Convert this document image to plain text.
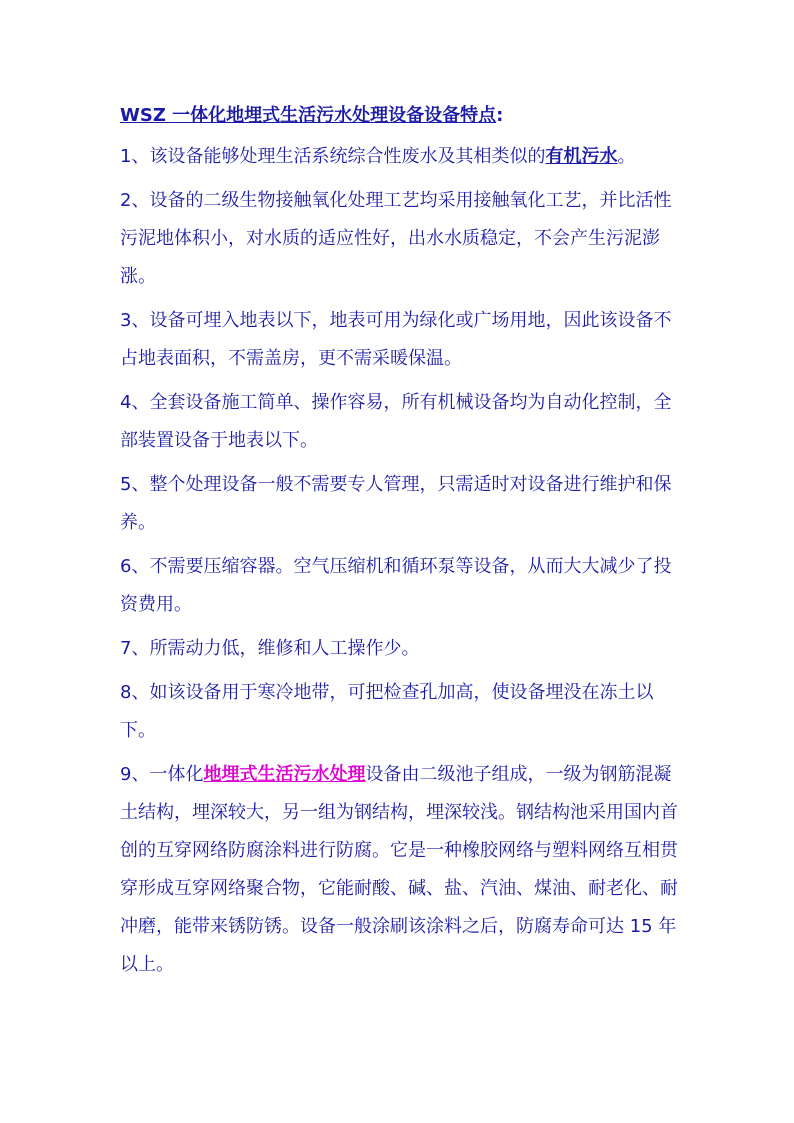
WSZ 一体化地埋式生活污水处理设备设备特点:

1、该设备能够处理生活系统综合性废水及其相类似的有机污水。

2、设备的二级生物接触氧化处理工艺均采用接触氧化工艺，并比活性污泥地体积小，对水质的适应性好，出水水质稳定，不会产生污泥澎涨。

3、设备可埋入地表以下，地表可用为绿化或广场用地，因此该设备不占地表面积，不需盖房，更不需采暖保温。

4、全套设备施工简单、操作容易，所有机械设备均为自动化控制，全部装置设备于地表以下。

5、整个处理设备一般不需要专人管理，只需适时对设备进行维护和保养。

6、不需要压缩容器。空气压缩机和循环泵等设备，从而大大减少了投资费用。

7、所需动力低，维修和人工操作少。

8、如该设备用于寒冷地带，可把检查孔加高，使设备埋没在冻土以下。

9、一体化地埋式生活污水处理设备由二级池子组成，一级为钢筋混凝土结构，埋深较大，另一组为钢结构，埋深较浅。钢结构池采用国内首创的互穿网络防腐涂料进行防腐。它是一种橡胶网络与塑料网络互相贯穿形成互穿网络聚合物，它能耐酸、碱、盐、汽油、煤油、耐老化、耐冲磨，能带来锈防锈。设备一般涂刷该涂料之后，防腐寿命可达 15 年以上。
